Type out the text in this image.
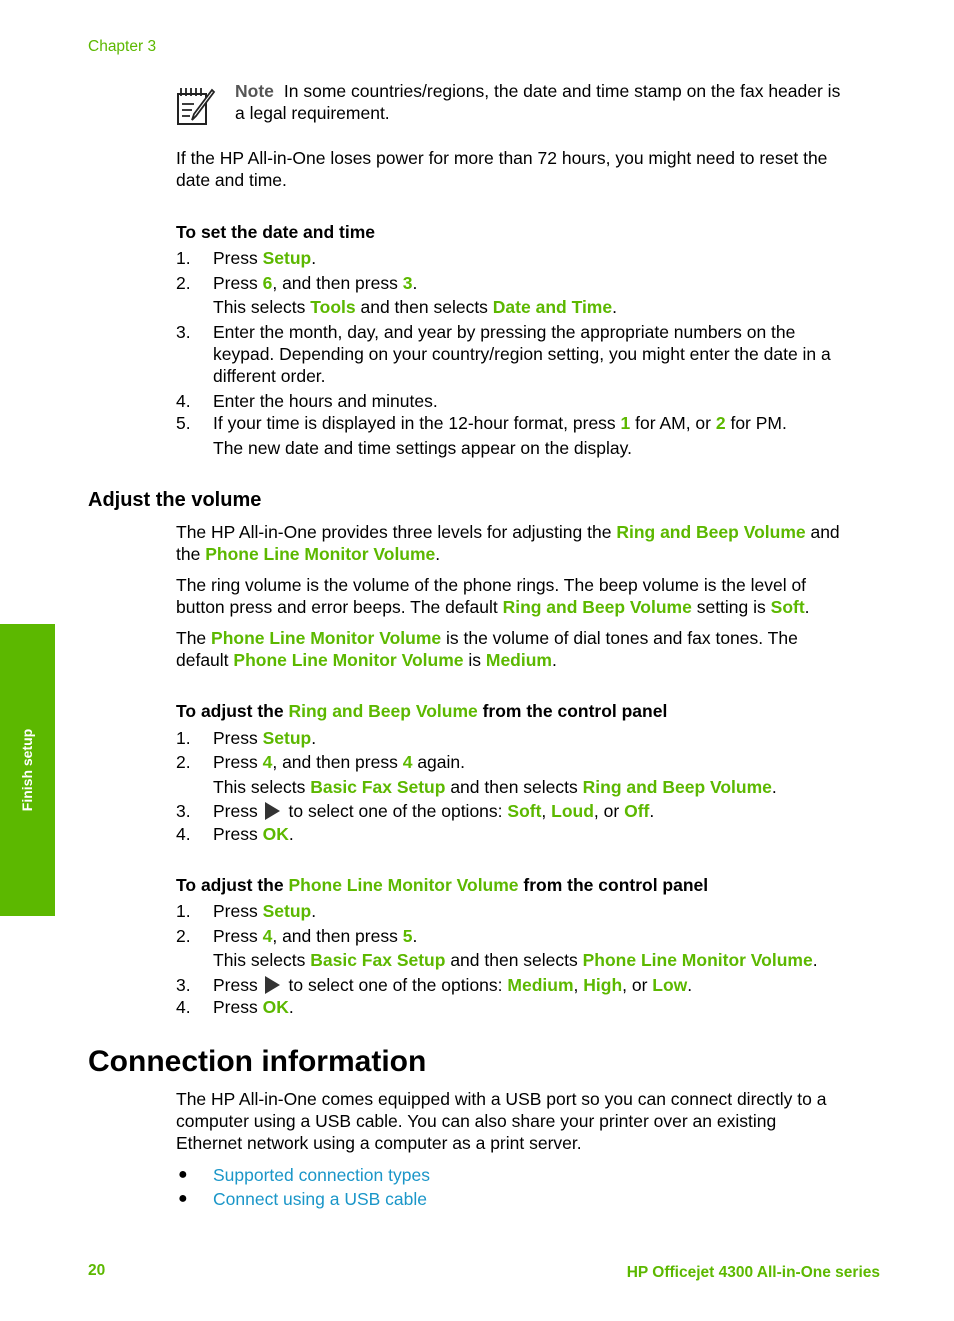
Chapter 3
Finish setup

Note In some countries/regions, the date and time stamp on the fax header is

a legal requirement.

If the HP All-in-One loses power for more than 72 hours, you might need to reset the

date and time.

To set the date and time
1. Press Setup.
2. Press 6, and then press 3.
This selects Tools and then selects Date and Time.
3. Enter the month, day, and year by pressing the appropriate numbers on the

keypad. Depending on your country/region setting, you might enter the date in a

different order.

4. Enter the hours and minutes.
5. If your time is displayed in the 12-hour format, press 1 for AM, or 2 for PM.
The new date and time settings appear on the display.
Adjust the volume

The HP All-in-One provides three levels for adjusting the Ring and Beep Volume and

the Phone Line Monitor Volume.

The ring volume is the volume of the phone rings. The beep volume is the level of

button press and error beeps. The default Ring and Beep Volume setting is Soft.

The Phone Line Monitor Volume is the volume of dial tones and fax tones. The

default Phone Line Monitor Volume is Medium.

To adjust the Ring and Beep Volume from the control panel
1. Press Setup.
2. Press 4, and then press 4 again.
This selects Basic Fax Setup and then selects Ring and Beep Volume.
3. Press to select one of the options: Soft, Loud, or Off.
4. Press OK.
To adjust the Phone Line Monitor Volume from the control panel
1. Press Setup.
2. Press 4, and then press 5.
This selects Basic Fax Setup and then selects Phone Line Monitor Volume.
3. Press to select one of the options: Medium, High, or Low.
4. Press OK.
Connection information

The HP All-in-One comes equipped with a USB port so you can connect directly to a

computer using a USB cable. You can also share your printer over an existing

Ethernet network using a computer as a print server.

● Supported connection types
● Connect using a USB cable
20	HP Officejet 4300 All-in-One series
